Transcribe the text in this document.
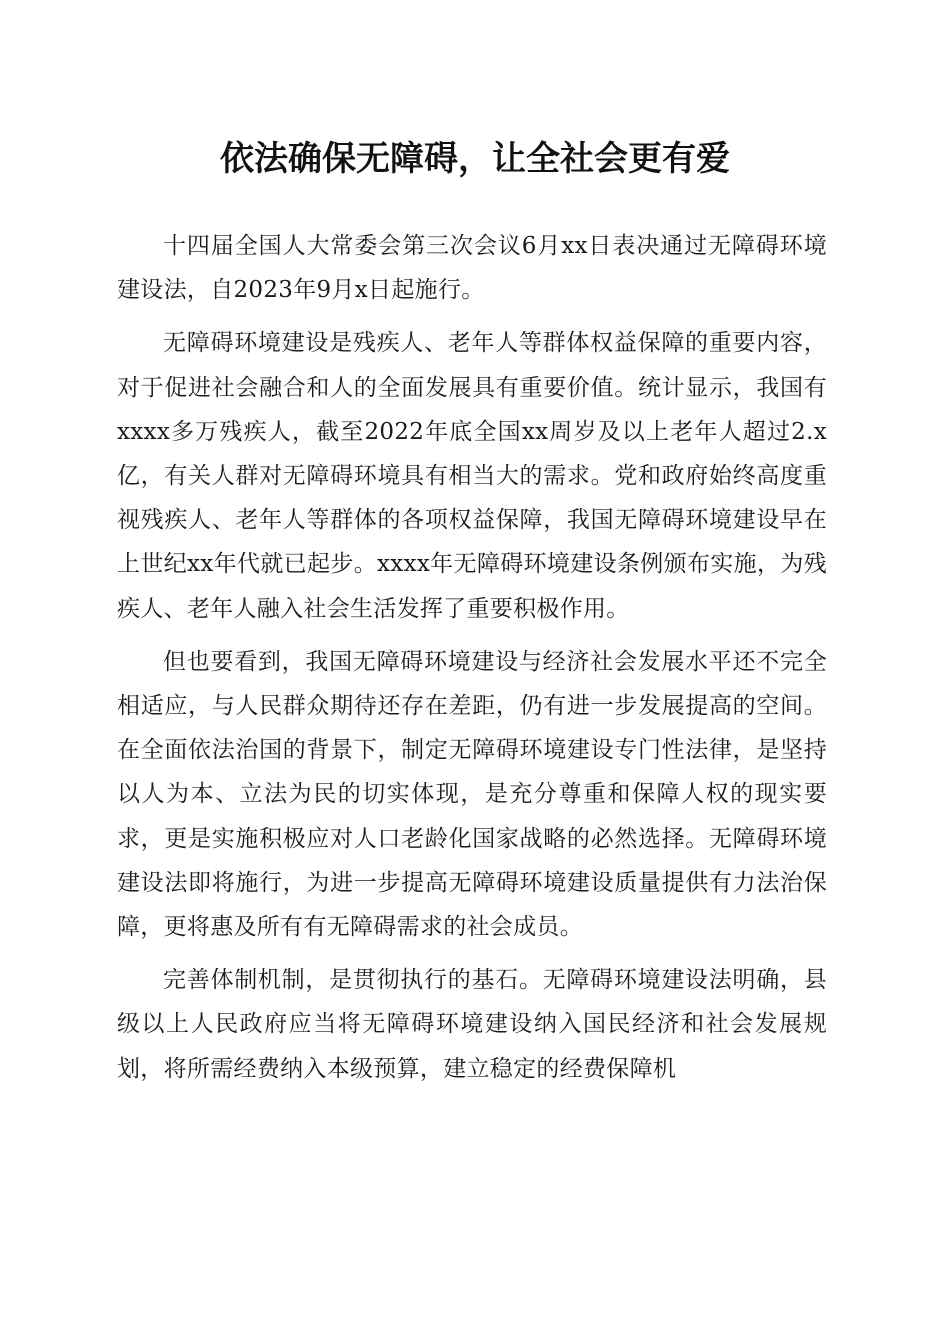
依法确保无障碍，让全社会更有爱

十四届全国人大常委会第三次会议6月xx日表决通过无障碍环境建设法，自2023年9月x日起施行。

无障碍环境建设是残疾人、老年人等群体权益保障的重要内容，对于促进社会融合和人的全面发展具有重要价值。统计显示，我国有xxxx多万残疾人，截至2022年底全国xx周岁及以上老年人超过2.x亿，有关人群对无障碍环境具有相当大的需求。党和政府始终高度重视残疾人、老年人等群体的各项权益保障，我国无障碍环境建设早在上世纪xx年代就已起步。xxxx年无障碍环境建设条例颁布实施，为残疾人、老年人融入社会生活发挥了重要积极作用。

但也要看到，我国无障碍环境建设与经济社会发展水平还不完全相适应，与人民群众期待还存在差距，仍有进一步发展提高的空间。在全面依法治国的背景下，制定无障碍环境建设专门性法律，是坚持以人为本、立法为民的切实体现，是充分尊重和保障人权的现实要求，更是实施积极应对人口老龄化国家战略的必然选择。无障碍环境建设法即将施行，为进一步提高无障碍环境建设质量提供有力法治保障，更将惠及所有有无障碍需求的社会成员。

完善体制机制，是贯彻执行的基石。无障碍环境建设法明确，县级以上人民政府应当将无障碍环境建设纳入国民经济和社会发展规划，将所需经费纳入本级预算，建立稳定的经费保障机
